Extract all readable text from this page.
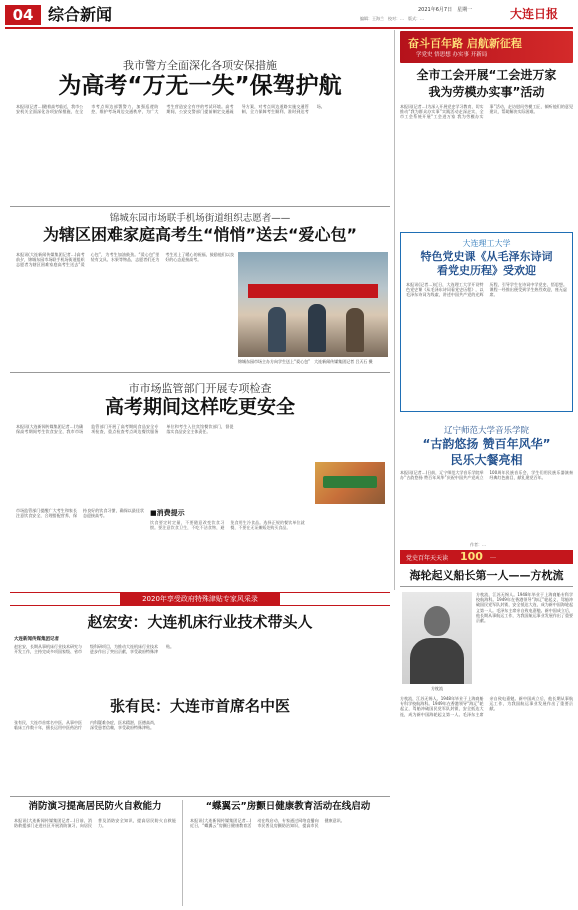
04 综合新闻	编辑：王海兰　校对：…　版式：…
2021年6月7日　星期一	大连日报
我市警方全面深化各项安保措施
为高考“万无一失”保驾护航
本报讯(记者…)随着高考临近，我市公安机关全面深化各项安保措施，在全市考点周边部署警力，加强巡逻防控，维护考场周边交通秩序，为广大考生营造安全有序的考试环境。高考期间，公安交警部门提前制定交通疏导方案，对考点周边道路实施交通管制，全力保障考生顺利、准时到达考场。
锦城东园市场联手机场街道组织志愿者——
为辖区困难家庭高考生“悄悄”送去“爱心包”
本报讯(大连新闻传媒集团记者…)高考前夕，锦城东园市场联手机场街道组织志愿者为辖区困难家庭高考生送去“爱心包”，为考生加油鼓劲。“爱心包”里装有文具、水果等物品，志愿者们还为考生送上了暖心的祝福，鼓励他们以良好的心态迎接高考。
锦城东园市场主办方向学生送上“爱心包”　大连新闻传媒集团记者 吕天石 摄
市市场监管部门开展专项检查
高考期间这样吃更安全
本报讯(大连新闻传媒集团记者…)为确保高考期间考生饮食安全，我市市场监管部门开展了高考期间食品安全专项检查，重点检查考点周边餐饮服务单位和考生入住宾馆餐饮部门，督促落实食品安全主体责任。
■消费提示
饮食要定时定量，不要随意改变饮食习惯。要注意饮食卫生，不吃不洁食物，避免食用生冷食品。选择正规的餐饮单位就餐，不要在无证摊贩处购买食品。
市场监管部门提醒广大考生和家长注意饮食安全，合理搭配营养，保持良好的饮食习惯，确保以最佳状态迎接高考。
奋斗百年路 启航新征程
学党史 悟思想 办实事 开新局
全市工会开展“工会进万家
我为劳模办实事”活动
本报讯(记者…)为深入开展党史学习教育，切实推动“我为群众办实事”实践活动走深走实，全市工会系统开展“工会进万家 我为劳模办实事”活动，走访慰问劳模工匠，倾听他们的意见建议，帮助解决实际困难。
大连理工大学
特色党史课《从毛泽东诗词
看党史历程》受欢迎
本报讯(记者…)近日，大连理工大学开设特色党史课《从毛泽东诗词看党史历程》，以毛泽东诗词为线索，讲述中国共产党的光辉历程，引导学生在诗词中学党史、悟思想。课程一经推出便受到学生热烈欢迎，座无虚席。
辽宁师范大学音乐学院
“古韵悠扬 赞百年风华”
民乐大餐亮相
本报讯(记者…)日前，辽宁师范大学音乐学院举办“古韵悠扬 赞百年风华”庆祝中国共产党成立100周年民族音乐会，学生们用民族乐器演奏经典红色曲目，献礼建党百年。
作者：…
党史百年天天读 100 …
海轮起义船长第一人——方枕流
方枕流
方枕流，江苏无锡人。1948年毕业于上海商船专科学校航海科。1949年在香港领导“海辽”轮起义，驾船冲破国民党军队封锁，安全抵达大连，成为新中国海轮起义第一人。毛泽东主席亲自致电嘉勉。新中国成立后，他长期从事航运工作，为我国航运事业发展作出了重要贡献。
方枕流，江苏无锡人。1948年毕业于上海商船专科学校航海科。1949年在香港领导“海辽”轮起义，驾船冲破国民党军队封锁，安全抵达大连，成为新中国海轮起义第一人。毛泽东主席亲自致电嘉勉。新中国成立后，他长期从事航运工作，为我国航运事业发展作出了重要贡献。
2020年享受政府特殊津贴专家风采录
赵宏安：大连机床行业技术带头人
大连新闻传媒集团记者
赵宏安，长期从事机床行业技术研究与开发工作，主持完成多项国家级、省市级科研项目，为推动大连机床行业技术进步作出了突出贡献，享受政府特殊津贴。
张有民：大连市首席名中医
张有民，大连市首席名中医，从事中医临床工作数十年，擅长运用中医药治疗内科疑难杂症，医术精湛，医德高尚，深受患者信赖，享受政府特殊津贴。
消防演习提高居民防火自救能力
本报讯(大连新闻传媒集团记者…)日前，消防救援部门走进社区开展消防演习，向居民普及消防安全知识，提高居民防火自救能力。
“蝶翼云”房颤日健康教育活动在线启动
本报讯(大连新闻传媒集团记者…)近日，“蝶翼云”房颤日健康教育活动在线启动，专家通过网络直播向市民普及房颤防治知识，提高市民健康意识。
